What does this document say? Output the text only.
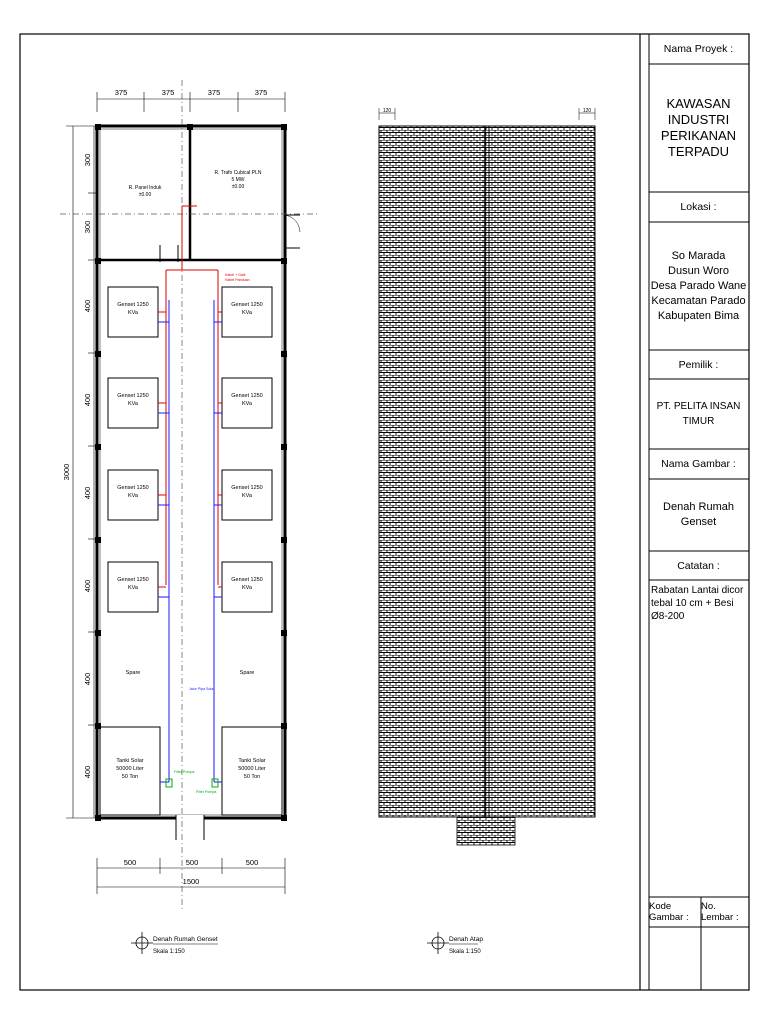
R. Panel Induk
±0.00
R. Trafo Cubical PLN
5 MW
±0.00
Genset 1250
KVa
Genset 1250
KVa
Genset 1250
KVa
Genset 1250
KVa
Genset 1250
KVa
Genset 1250
KVa
Genset 1250
KVa
Genset 1250
KVa
Spare	Spare
Tanki Solar
50000 Liter
50 Ton
Tanki Solar
50000 Liter
50 Ton
Kabel + Galli
Kabel Panduan
Jalur Pipa Solar
Filter Pompa
Filter Pompa
375	375	375	375
300
300
400
400
400
400
400
400
3000
500	500	500
1500
Denah Rumah Genset
Skala 1:150
120	120
Denah Atap
Skala 1:150
Nama Proyek :
KAWASAN
INDUSTRI
PERIKANAN
TERPADU
Lokasi :
So Marada
Dusun Woro
Desa Parado Wane
Kecamatan Parado
Kabupaten Bima
Pemilik :
PT. PELITA INSAN TIMUR
Nama Gambar :
Denah Rumah Genset
Catatan :
Rabatan Lantai dicor
tebal 10 cm + Besi Ø8-200
Kode Gambar :
No. Lembar :
